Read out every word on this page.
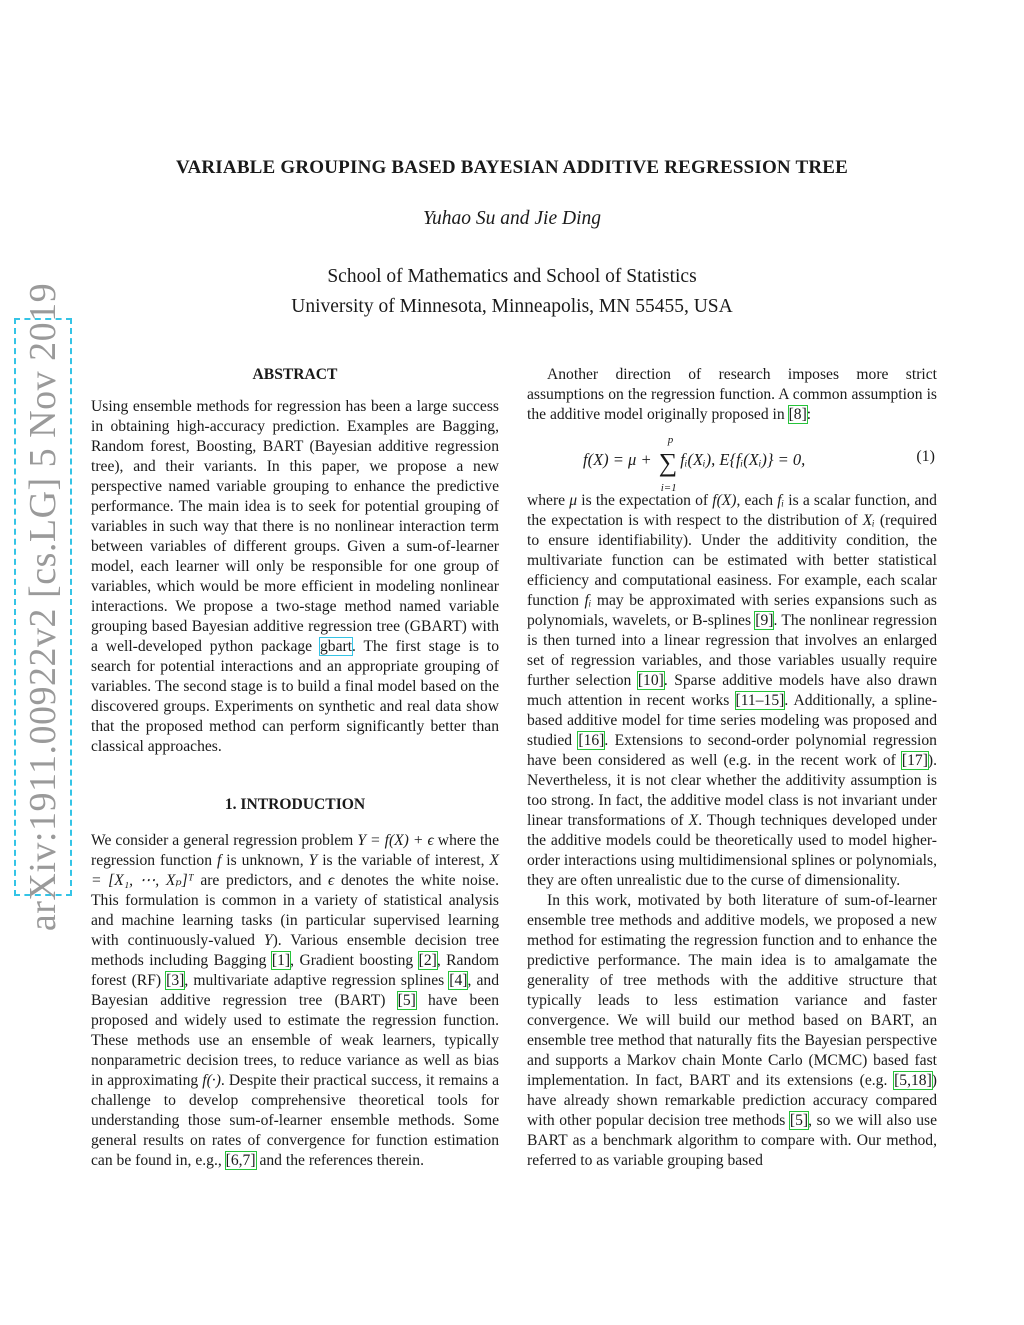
arXiv:1911.00922v2 [cs.LG] 5 Nov 2019
VARIABLE GROUPING BASED BAYESIAN ADDITIVE REGRESSION TREE
Yuhao Su and Jie Ding
School of Mathematics and School of Statistics
University of Minnesota, Minneapolis, MN 55455, USA
ABSTRACT

Using ensemble methods for regression has been a large success in obtaining high-accuracy prediction. Examples are Bagging, Random forest, Boosting, BART (Bayesian additive regression tree), and their variants. In this paper, we propose a new perspective named variable grouping to enhance the predictive performance. The main idea is to seek for potential grouping of variables in such way that there is no nonlinear interaction term between variables of different groups. Given a sum-of-learner model, each learner will only be responsible for one group of variables, which would be more efficient in modeling nonlinear interactions. We propose a two-stage method named variable grouping based Bayesian additive regression tree (GBART) with a well-developed python package gbart. The first stage is to search for potential interactions and an appropriate grouping of variables. The second stage is to build a final model based on the discovered groups. Experiments on synthetic and real data show that the proposed method can perform significantly better than classical approaches.

1. INTRODUCTION

We consider a general regression problem Y = f(X) + ϵ where the regression function f is unknown, Y is the variable of interest, X = [X₁, ⋯, Xₚ]ᵀ are predictors, and ϵ denotes the white noise. This formulation is common in a variety of statistical analysis and machine learning tasks (in particular supervised learning with continuously-valued Y). Various ensemble decision tree methods including Bagging [1], Gradient boosting [2], Random forest (RF) [3], multivariate adaptive regression splines [4], and Bayesian additive regression tree (BART) [5] have been proposed and widely used to estimate the regression function. These methods use an ensemble of weak learners, typically nonparametric decision trees, to reduce variance as well as bias in approximating f(·). Despite their practical success, it remains a challenge to develop comprehensive theoretical tools for understanding those sum-of-learner ensemble methods. Some general results on rates of convergence for function estimation can be found in, e.g., [6,7] and the references therein.

Another direction of research imposes more strict assumptions on the regression function. A common assumption is the additive model originally proposed in [8]:

f(X) = μ + ∑
p
i=1
fᵢ(Xᵢ), E{fᵢ(Xᵢ)} = 0,	(1)

where μ is the expectation of f(X), each fᵢ is a scalar function, and the expectation is with respect to the distribution of Xᵢ (required to ensure identifiability). Under the additivity condition, the multivariate function can be estimated with better statistical efficiency and computational easiness. For example, each scalar function fᵢ may be approximated with series expansions such as polynomials, wavelets, or B-splines [9]. The nonlinear regression is then turned into a linear regression that involves an enlarged set of regression variables, and those variables usually require further selection [10]. Sparse additive models have also drawn much attention in recent works [11–15]. Additionally, a spline-based additive model for time series modeling was proposed and studied [16]. Extensions to second-order polynomial regression have been considered as well (e.g. in the recent work of [17]). Nevertheless, it is not clear whether the additivity assumption is too strong. In fact, the additive model class is not invariant under linear transformations of X. Though techniques developed under the additive models could be theoretically used to model higher-order interactions using multidimensional splines or polynomials, they are often unrealistic due to the curse of dimensionality.

In this work, motivated by both literature of sum-of-learner ensemble tree methods and additive models, we proposed a new method for estimating the regression function and to enhance the predictive performance. The main idea is to amalgamate the generality of tree methods with the additive structure that typically leads to less estimation variance and faster convergence. We will build our method based on BART, an ensemble tree method that naturally fits the Bayesian perspective and supports a Markov chain Monte Carlo (MCMC) based fast implementation. In fact, BART and its extensions (e.g. [5,18]) have already shown remarkable prediction accuracy compared with other popular decision tree methods [5], so we will also use BART as a benchmark algorithm to compare with. Our method, referred to as variable grouping based
